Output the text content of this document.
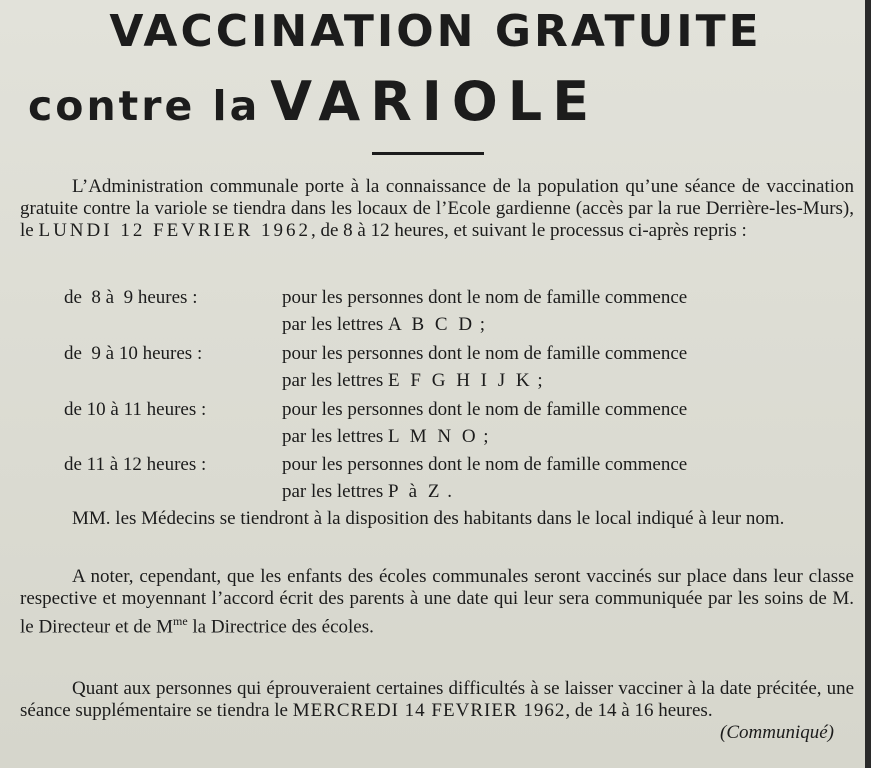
VACCINATION GRATUITE
contre la VARIOLE
L’Administration communale porte à la connaissance de la population qu’une séance de vaccination gratuite contre la variole se tiendra dans les locaux de l’Ecole gardienne (accès par la rue Derrière-les-Murs), le LUNDI 12 FEVRIER 1962, de 8 à 12 heures, et suivant le processus ci-après repris :
de  8 à  9 heures :	pour les personnes dont le nom de famille commence
par les lettres A B C D ;
de  9 à 10 heures :	pour les personnes dont le nom de famille commence
par les lettres E F G H I J K ;
de 10 à 11 heures :	pour les personnes dont le nom de famille commence
par les lettres L M N O ;
de 11 à 12 heures :	pour les personnes dont le nom de famille commence
par les lettres P à Z .
MM. les Médecins se tiendront à la disposition des habitants dans le local indiqué à leur nom.
A noter, cependant, que les enfants des écoles communales seront vaccinés sur place dans leur classe respective et moyennant l’accord écrit des parents à une date qui leur sera communiquée par les soins de M. le Directeur et de $M^{me}$ la Directrice des écoles.
Quant aux personnes qui éprouveraient certaines difficultés à se laisser vacciner à la date précitée, une séance supplémentaire se tiendra le MERCREDI 14 FEVRIER 1962, de 14 à 16 heures.
(Communiqué)
